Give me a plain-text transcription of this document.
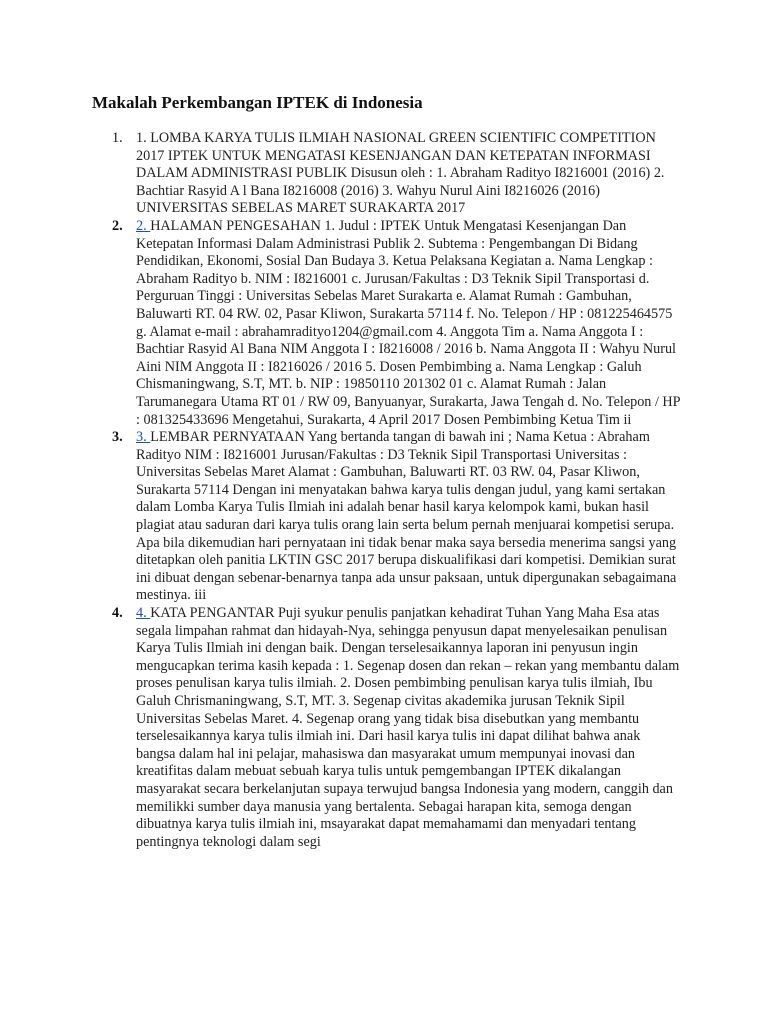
Makalah Perkembangan IPTEK di Indonesia
1. 1. LOMBA KARYA TULIS ILMIAH NASIONAL GREEN SCIENTIFIC COMPETITION 2017 IPTEK UNTUK MENGATASI KESENJANGAN DAN KETEPATAN INFORMASI DALAM ADMINISTRASI PUBLIK Disusun oleh : 1. Abraham Radityo I8216001 (2016) 2. Bachtiar Rasyid A l Bana I8216008 (2016) 3. Wahyu Nurul Aini I8216026 (2016) UNIVERSITAS SEBELAS MARET SURAKARTA 2017
2. 2. HALAMAN PENGESAHAN 1. Judul : IPTEK Untuk Mengatasi Kesenjangan Dan Ketepatan Informasi Dalam Administrasi Publik 2. Subtema : Pengembangan Di Bidang Pendidikan, Ekonomi, Sosial Dan Budaya 3. Ketua Pelaksana Kegiatan a. Nama Lengkap : Abraham Radityo b. NIM : I8216001 c. Jurusan/Fakultas : D3 Teknik Sipil Transportasi d. Perguruan Tinggi : Universitas Sebelas Maret Surakarta e. Alamat Rumah : Gambuhan, Baluwarti RT. 04 RW. 02, Pasar Kliwon, Surakarta 57114 f. No. Telepon / HP : 081225464575 g. Alamat e-mail : abrahamradityo1204@gmail.com 4. Anggota Tim a. Nama Anggota I : Bachtiar Rasyid Al Bana NIM Anggota I : I8216008 / 2016 b. Nama Anggota II : Wahyu Nurul Aini NIM Anggota II : I8216026 / 2016 5. Dosen Pembimbing a. Nama Lengkap : Galuh Chismaningwang, S.T, MT. b. NIP : 19850110 201302 01 c. Alamat Rumah : Jalan Tarumanegara Utama RT 01 / RW 09, Banyuanyar, Surakarta, Jawa Tengah d. No. Telepon / HP : 081325433696 Mengetahui, Surakarta, 4 April 2017 Dosen Pembimbing Ketua Tim ii
3. 3. LEMBAR PERNYATAAN Yang bertanda tangan di bawah ini ; Nama Ketua : Abraham Radityo NIM : I8216001 Jurusan/Fakultas : D3 Teknik Sipil Transportasi Universitas : Universitas Sebelas Maret Alamat : Gambuhan, Baluwarti RT. 03 RW. 04, Pasar Kliwon, Surakarta 57114 Dengan ini menyatakan bahwa karya tulis dengan judul, yang kami sertakan dalam Lomba Karya Tulis Ilmiah ini adalah benar hasil karya kelompok kami, bukan hasil plagiat atau saduran dari karya tulis orang lain serta belum pernah menjuarai kompetisi serupa. Apa bila dikemudian hari pernyataan ini tidak benar maka saya bersedia menerima sangsi yang ditetapkan oleh panitia LKTIN GSC 2017 berupa diskualifikasi dari kompetisi. Demikian surat ini dibuat dengan sebenar-benarnya tanpa ada unsur paksaan, untuk dipergunakan sebagaimana mestinya. iii
4. 4. KATA PENGANTAR Puji syukur penulis panjatkan kehadirat Tuhan Yang Maha Esa atas segala limpahan rahmat dan hidayah-Nya, sehingga penyusun dapat menyelesaikan penulisan Karya Tulis Ilmiah ini dengan baik. Dengan terselesaikannya laporan ini penyusun ingin mengucapkan terima kasih kepada : 1. Segenap dosen dan rekan – rekan yang membantu dalam proses penulisan karya tulis ilmiah. 2. Dosen pembimbing penulisan karya tulis ilmiah, Ibu Galuh Chrismaningwang, S.T, MT. 3. Segenap civitas akademika jurusan Teknik Sipil Universitas Sebelas Maret. 4. Segenap orang yang tidak bisa disebutkan yang membantu terselesaikannya karya tulis ilmiah ini. Dari hasil karya tulis ini dapat dilihat bahwa anak bangsa dalam hal ini pelajar, mahasiswa dan masyarakat umum mempunyai inovasi dan kreatifitas dalam mebuat sebuah karya tulis untuk pemgembangan IPTEK dikalangan masyarakat secara berkelanjutan supaya terwujud bangsa Indonesia yang modern, canggih dan memilikki sumber daya manusia yang bertalenta. Sebagai harapan kita, semoga dengan dibuatnya karya tulis ilmiah ini, msayarakat dapat memahamami dan menyadari tentang pentingnya teknologi dalam segi
